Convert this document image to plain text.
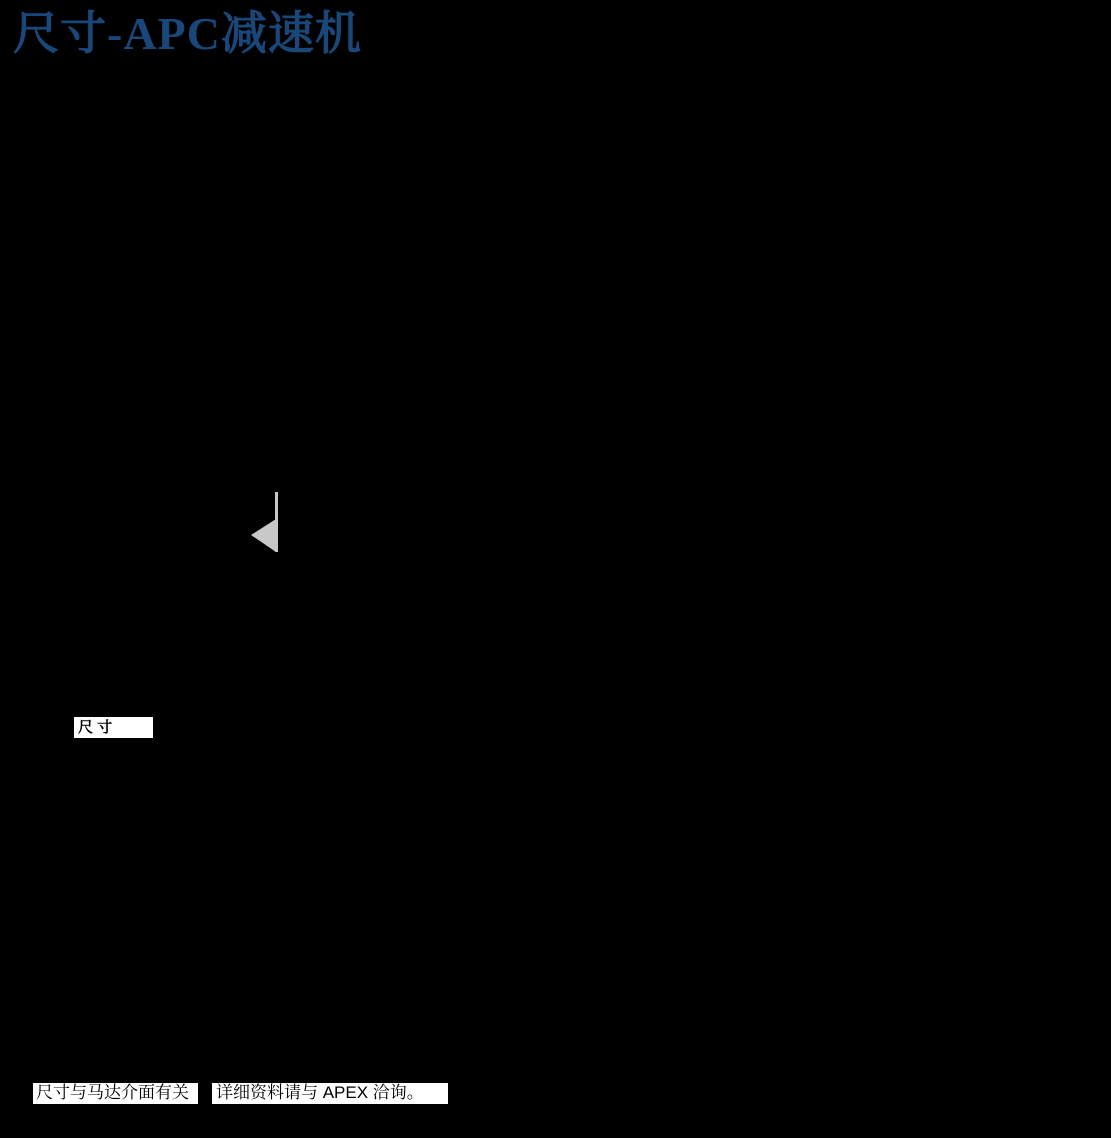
尺寸-APC减速机
尺 寸
尺寸与马达介面有关	详细资料请与 APEX 洽询。
